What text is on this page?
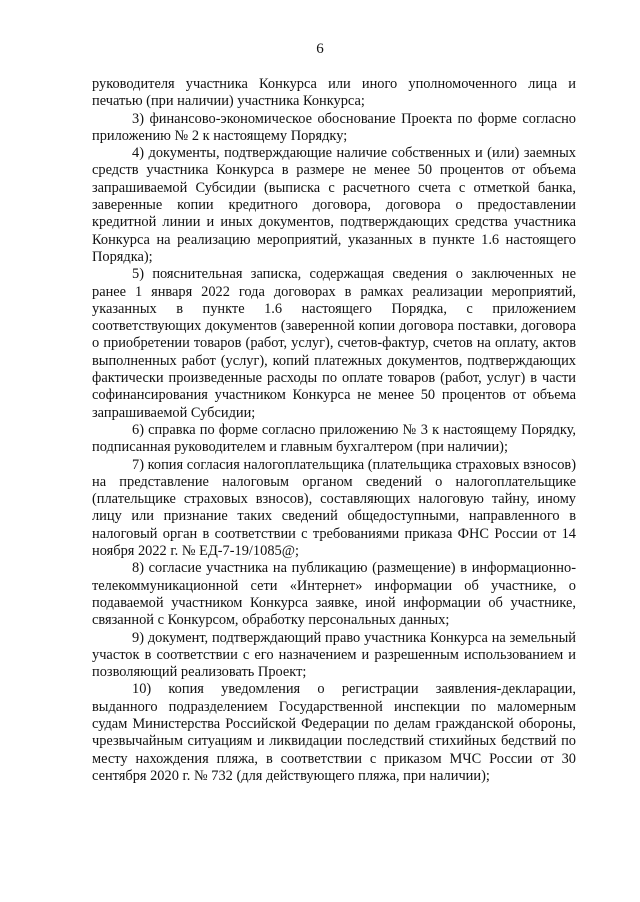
6

руководителя участника Конкурса или иного уполномоченного лица и печатью (при наличии) участника Конкурса;

3) финансово-экономическое обоснование Проекта по форме согласно приложению № 2 к настоящему Порядку;

4) документы, подтверждающие наличие собственных и (или) заемных средств участника Конкурса в размере не менее 50 процентов от объема запрашиваемой Субсидии (выписка с расчетного счета с отметкой банка, заверенные копии кредитного договора, договора о предоставлении кредитной линии и иных документов, подтверждающих средства участника Конкурса на реализацию мероприятий, указанных в пункте 1.6 настоящего Порядка);

5) пояснительная записка, содержащая сведения о заключенных не ранее 1 января 2022 года договорах в рамках реализации мероприятий, указанных в пункте 1.6 настоящего Порядка, с приложением соответствующих документов (заверенной копии договора поставки, договора о приобретении товаров (работ, услуг), счетов-фактур, счетов на оплату, актов выполненных работ (услуг), копий платежных документов, подтверждающих фактически произведенные расходы по оплате товаров (работ, услуг) в части софинансирования участником Конкурса не менее 50 процентов от объема запрашиваемой Субсидии;

6) справка по форме согласно приложению № 3 к настоящему Порядку, подписанная руководителем и главным бухгалтером (при наличии);

7) копия согласия налогоплательщика (плательщика страховых взносов) на представление налоговым органом сведений о налогоплательщике (плательщике страховых взносов), составляющих налоговую тайну, иному лицу или признание таких сведений общедоступными, направленного в налоговый орган в соответствии с требованиями приказа ФНС России от 14 ноября 2022 г. № ЕД-7-19/1085@;

8) согласие участника на публикацию (размещение) в информационно-телекоммуникационной сети «Интернет» информации об участнике, о подаваемой участником Конкурса заявке, иной информации об участнике, связанной с Конкурсом, обработку персональных данных;

9) документ, подтверждающий право участника Конкурса на земельный участок в соответствии с его назначением и разрешенным использованием и позволяющий реализовать Проект;

10) копия уведомления о регистрации заявления-декларации, выданного подразделением Государственной инспекции по маломерным судам Министерства Российской Федерации по делам гражданской обороны, чрезвычайным ситуациям и ликвидации последствий стихийных бедствий по месту нахождения пляжа, в соответствии с приказом МЧС России от 30 сентября 2020 г. № 732 (для действующего пляжа, при наличии);
